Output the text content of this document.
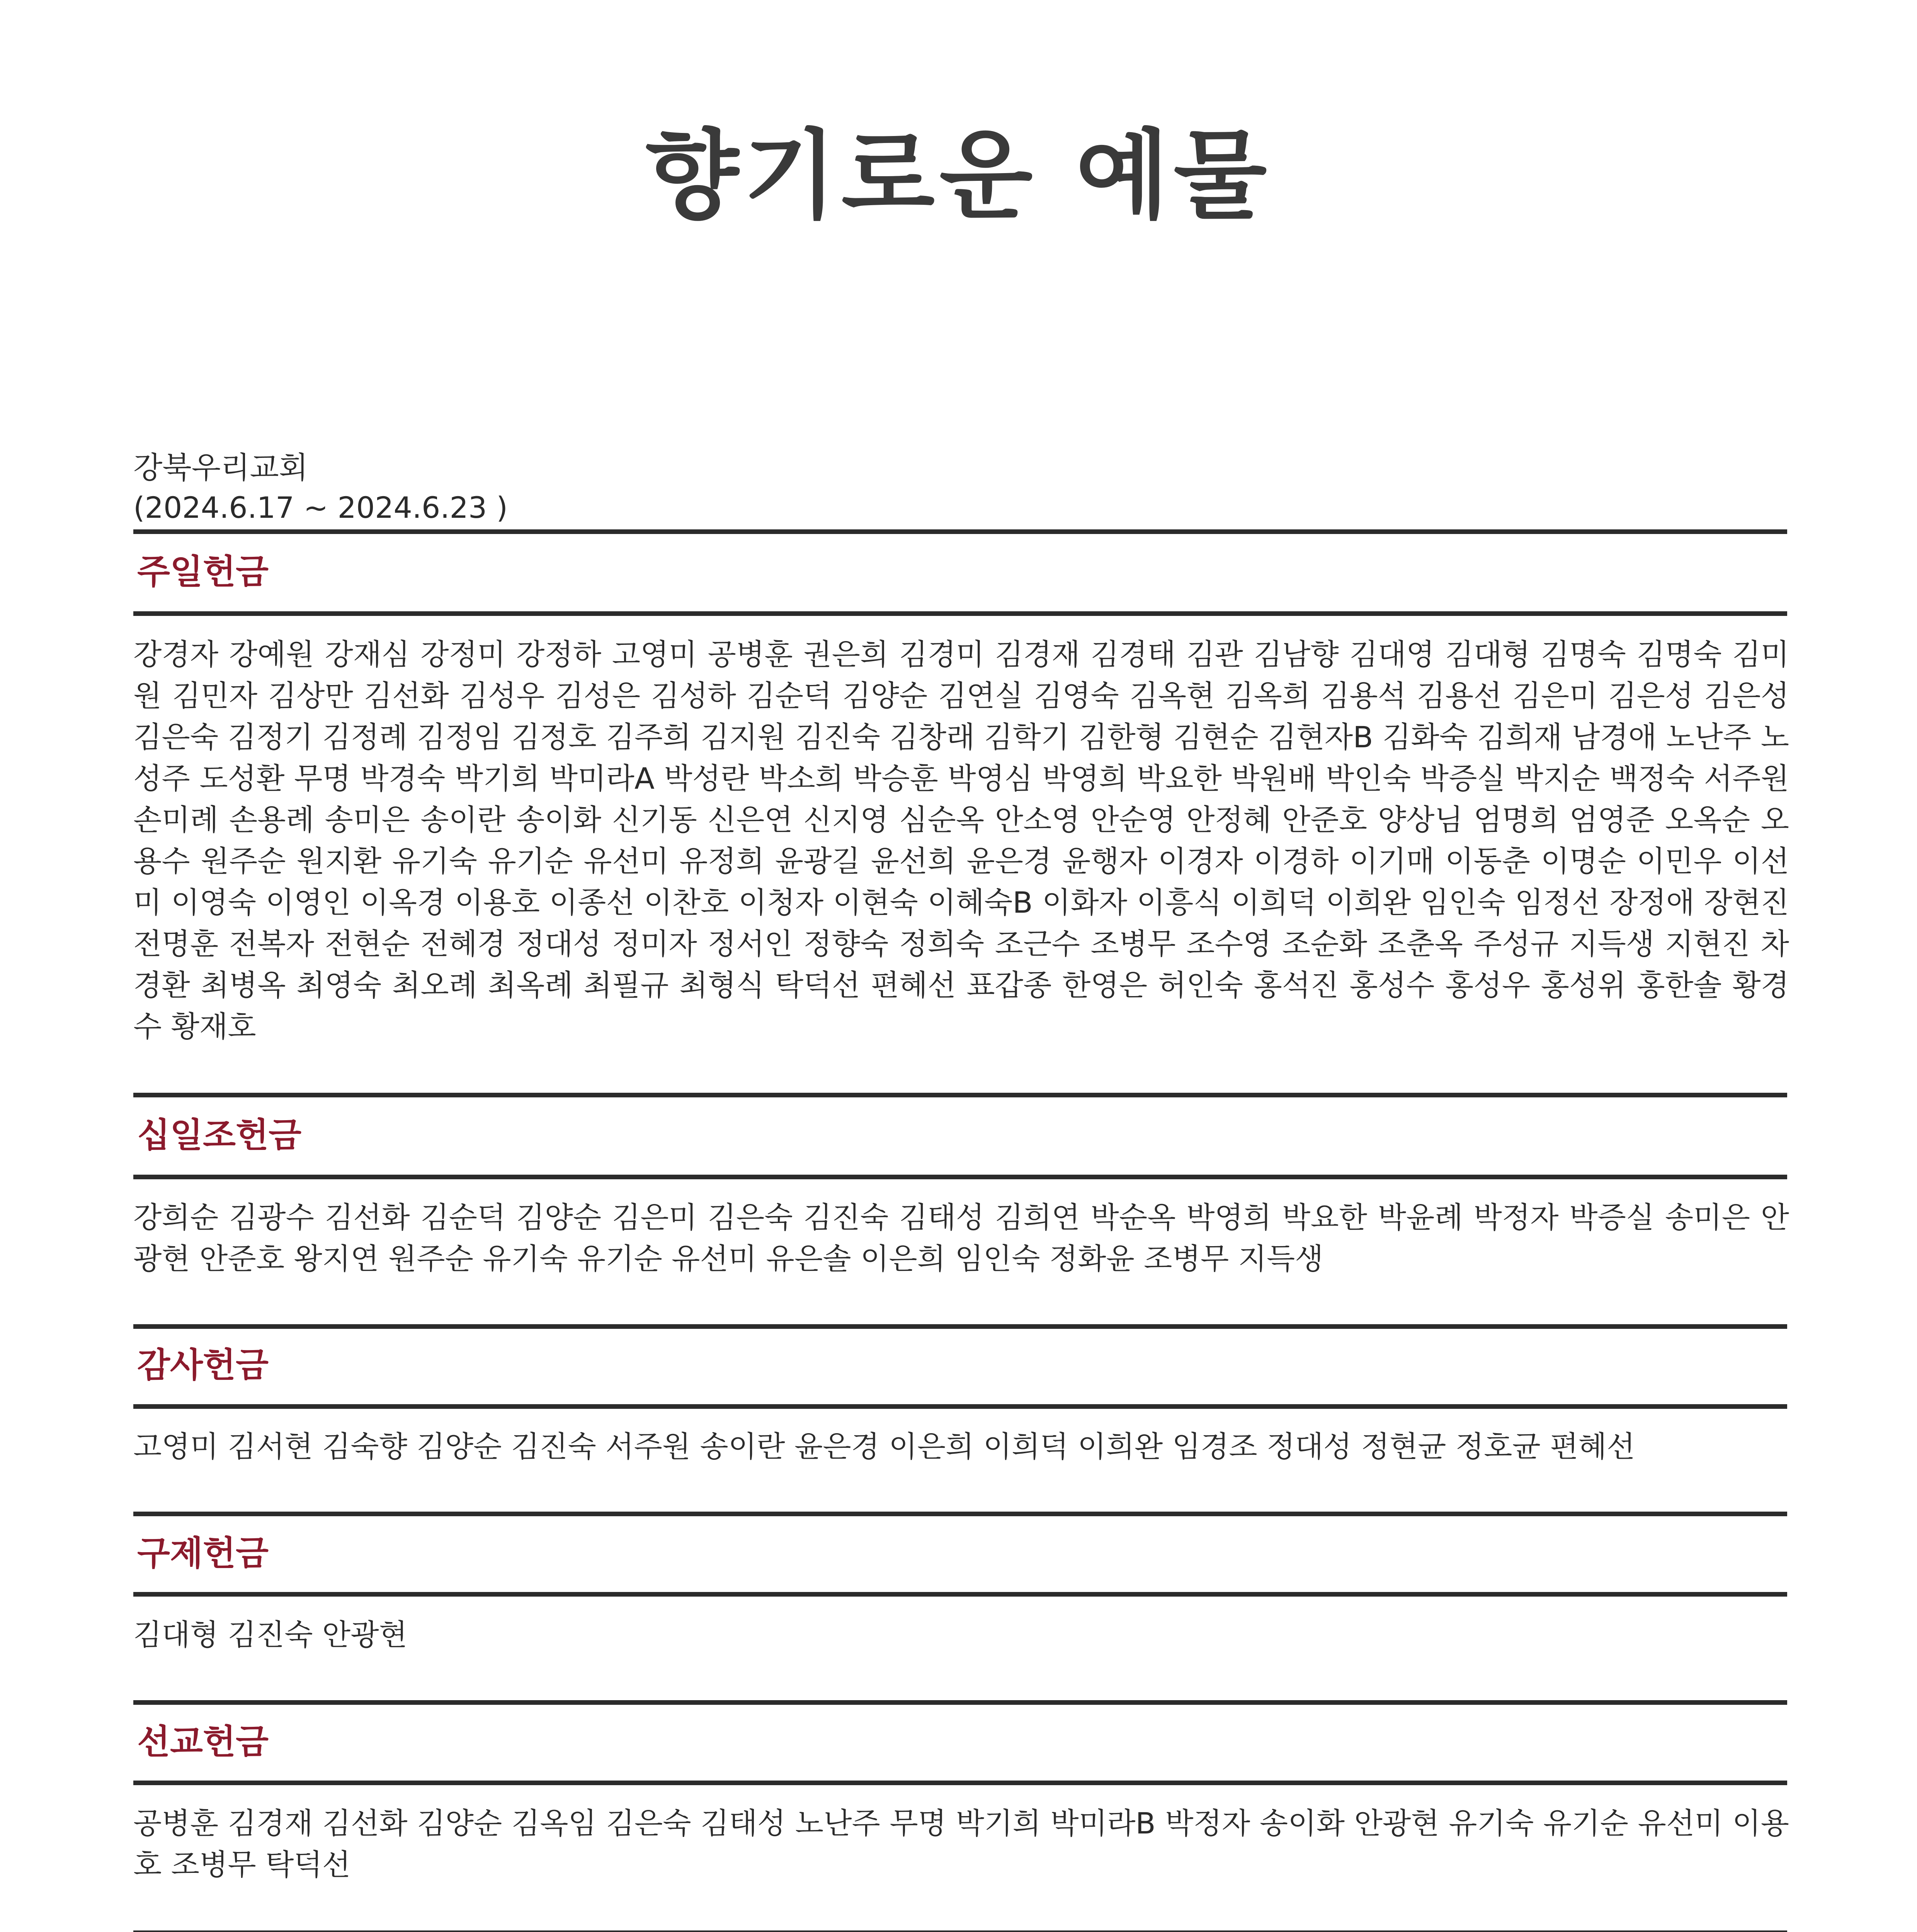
향기로운 예물
강북우리교회
(2024.6.17 ~ 2024.6.23 )
주일헌금

강경자 강예원 강재심 강정미 강정하 고영미 공병훈 권은희 김경미 김경재 김경태 김관 김남향 김대영 김대형 김명숙 김명숙 김미원 김민자 김상만 김선화 김성우 김성은 김성하 김순덕 김양순 김연실 김영숙 김옥현 김옥희 김용석 김용선 김은미 김은성 김은성 김은숙 김정기 김정례 김정임 김정호 김주희 김지원 김진숙 김창래 김학기 김한형 김현순 김현자B 김화숙 김희재 남경애 노난주 노성주 도성환 무명 박경숙 박기희 박미라A 박성란 박소희 박승훈 박영심 박영희 박요한 박원배 박인숙 박증실 박지순 백정숙 서주원 손미례 손용례 송미은 송이란 송이화 신기동 신은연 신지영 심순옥 안소영 안순영 안정혜 안준호 양상님 엄명희 엄영준 오옥순 오용수 원주순 원지환 유기숙 유기순 유선미 유정희 윤광길 윤선희 윤은경 윤행자 이경자 이경하 이기매 이동춘 이명순 이민우 이선미 이영숙 이영인 이옥경 이용호 이종선 이찬호 이청자 이현숙 이혜숙B 이화자 이흥식 이희덕 이희완 임인숙 임정선 장정애 장현진 전명훈 전복자 전현순 전혜경 정대성 정미자 정서인 정향숙 정희숙 조근수 조병무 조수영 조순화 조춘옥 주성규 지득생 지현진 차경환 최병옥 최영숙 최오례 최옥례 최필규 최형식 탁덕선 편혜선 표갑종 한영은 허인숙 홍석진 홍성수 홍성우 홍성위 홍한솔 황경수 황재호

십일조헌금

강희순 김광수 김선화 김순덕 김양순 김은미 김은숙 김진숙 김태성 김희연 박순옥 박영희 박요한 박윤례 박정자 박증실 송미은 안광현 안준호 왕지연 원주순 유기숙 유기순 유선미 유은솔 이은희 임인숙 정화윤 조병무 지득생

감사헌금

고영미 김서현 김숙향 김양순 김진숙 서주원 송이란 윤은경 이은희 이희덕 이희완 임경조 정대성 정현균 정호균 편혜선

구제헌금

김대형 김진숙 안광현

선교헌금

공병훈 김경재 김선화 김양순 김옥임 김은숙 김태성 노난주 무명 박기희 박미라B 박정자 송이화 안광현 유기숙 유기순 유선미 이용호 조병무 탁덕선
